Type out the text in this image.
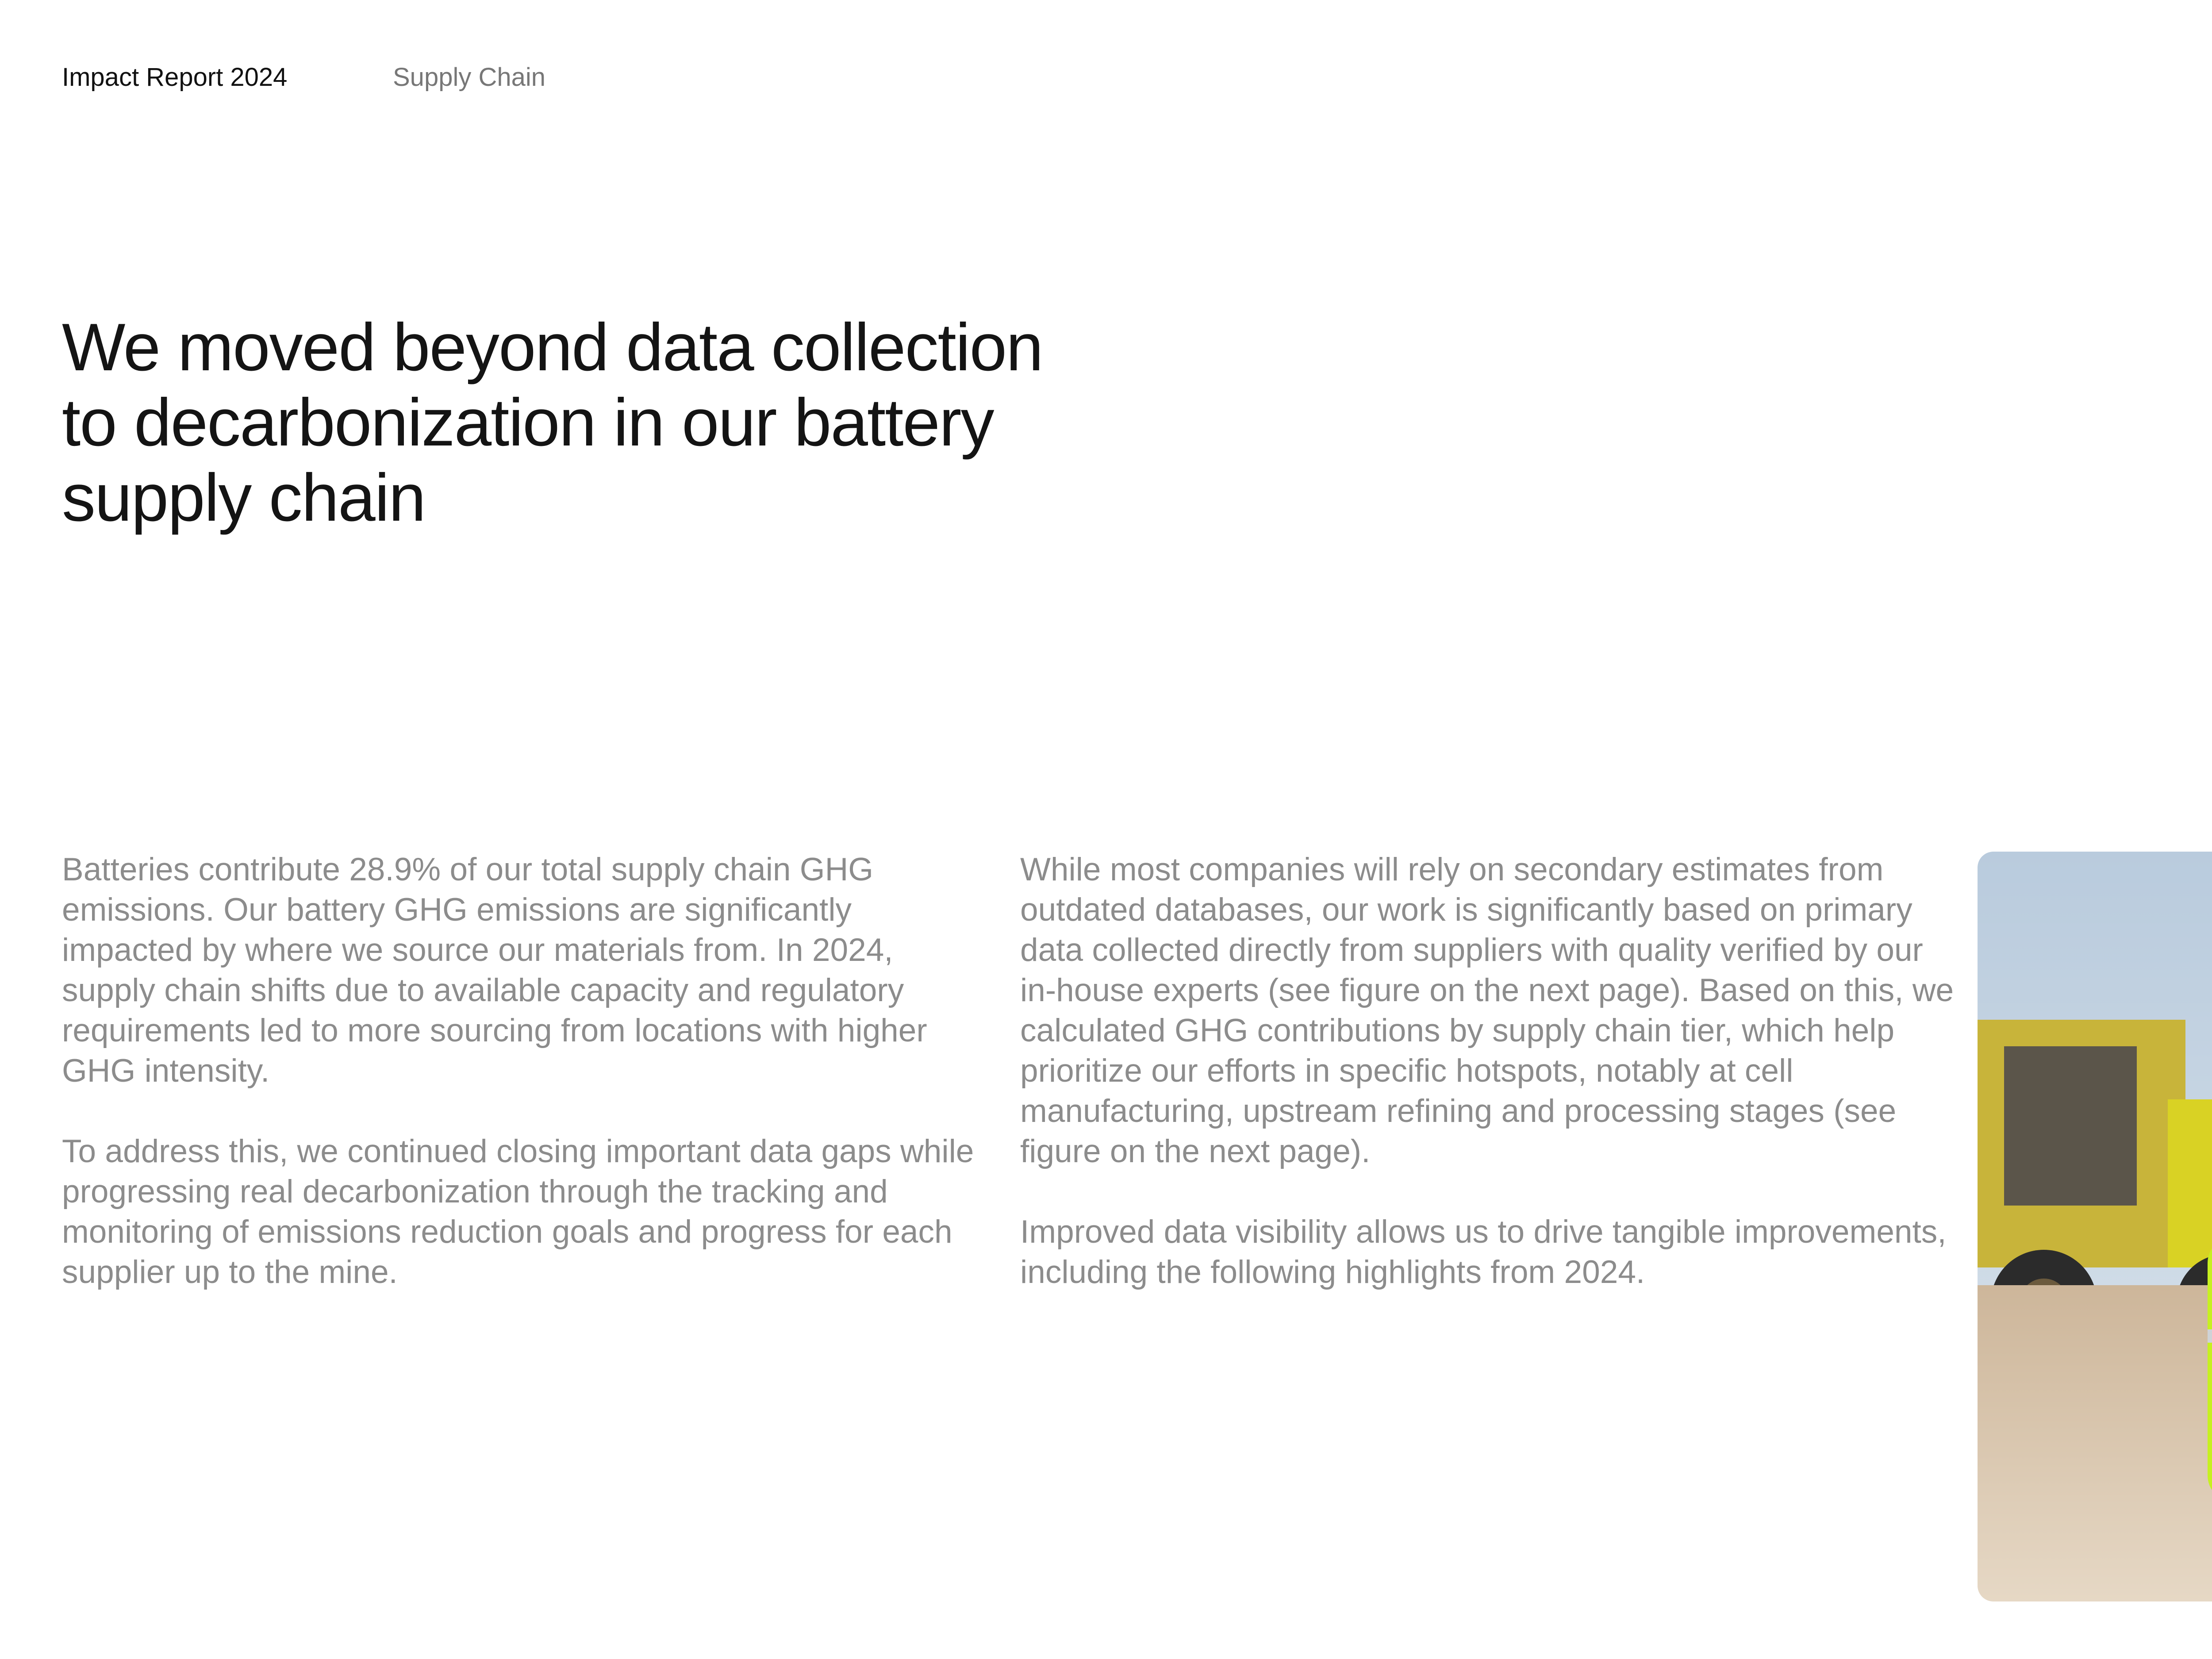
Impact Report 2024	Supply Chain
We moved beyond data collection to decarbonization in our battery supply chain

Batteries contribute 28.9% of our total supply chain GHG emissions. Our battery GHG emissions are significantly impacted by where we source our materials from. In 2024, supply chain shifts due to available capacity and regulatory requirements led to more sourcing from locations with higher GHG intensity.

To address this, we continued closing important data gaps while progressing real decarbonization through the tracking and monitoring of emissions reduction goals and progress for each supplier up to the mine.

While most companies will rely on secondary estimates from outdated databases, our work is significantly based on primary data collected directly from suppliers with quality verified by our in-house experts (see figure on the next page). Based on this, we calculated GHG contributions by supply chain tier, which help prioritize our efforts in specific hotspots, notably at cell manufacturing, upstream refining and processing stages (see figure on the next page).

Improved data visibility allows us to drive tangible improvements, including the following highlights from 2024.
